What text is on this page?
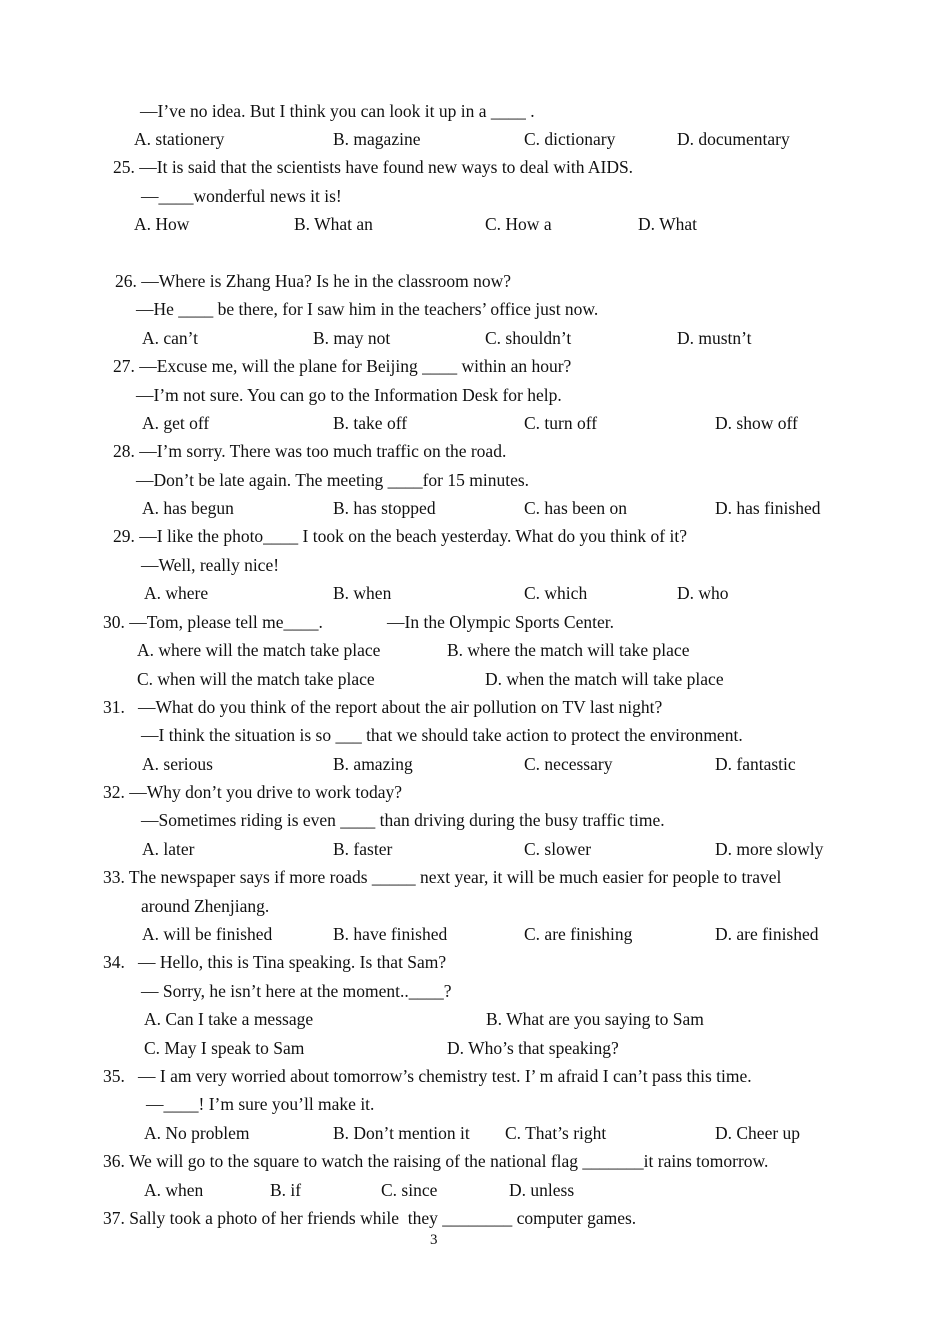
—I’ve no idea. But I think you can look it up in a ____ .
A. stationery	B. magazine	C. dictionary	D. documentary
25. —It is said that the scientists have found new ways to deal with AIDS.
—____wonderful news it is!
A. How	B. What an	C. How a	D. What
26. —Where is Zhang Hua? Is he in the classroom now?
—He ____ be there, for I saw him in the teachers’ office just now.
A. can’t	B. may not	C. shouldn’t	D. mustn’t
27. —Excuse me, will the plane for Beijing ____ within an hour?
—I’m not sure. You can go to the Information Desk for help.
A. get off	B. take off	C. turn off	D. show off
28. —I’m sorry. There was too much traffic on the road.
—Don’t be late again. The meeting ____for 15 minutes.
A. has begun	B. has stopped	C. has been on	D. has finished
29. —I like the photo____ I took on the beach yesterday. What do you think of it?
—Well, really nice!
A. where	B. when	C. which	D. who
30. —Tom, please tell me____.	—In the Olympic Sports Center.
A. where will the match take place	B. where the match will take place
C. when will the match take place	D. when the match will take place
31.   —What do you think of the report about the air pollution on TV last night?
—I think the situation is so ___ that we should take action to protect the environment.
A. serious	B. amazing	C. necessary	D. fantastic
32. —Why don’t you drive to work today?
—Sometimes riding is even ____ than driving during the busy traffic time.
A. later	B. faster	C. slower	D. more slowly
33. The newspaper says if more roads _____ next year, it will be much easier for people to travel
around Zhenjiang.
A. will be finished	B. have finished	C. are finishing	D. are finished
34.   — Hello, this is Tina speaking. Is that Sam?
— Sorry, he isn’t here at the moment..____?
A. Can I take a message	B. What are you saying to Sam
C. May I speak to Sam	D. Who’s that speaking?
35.   — I am very worried about tomorrow’s chemistry test. I’ m afraid I can’t pass this time.
—____! I’m sure you’ll make it.
A. No problem	B. Don’t mention it C. That’s right	D. Cheer up
36. We will go to the square to watch the raising of the national flag _______it rains tomorrow.
A. when	B. if	C. since	D. unless
37. Sally took a photo of her friends while  they ________ computer games.
3
